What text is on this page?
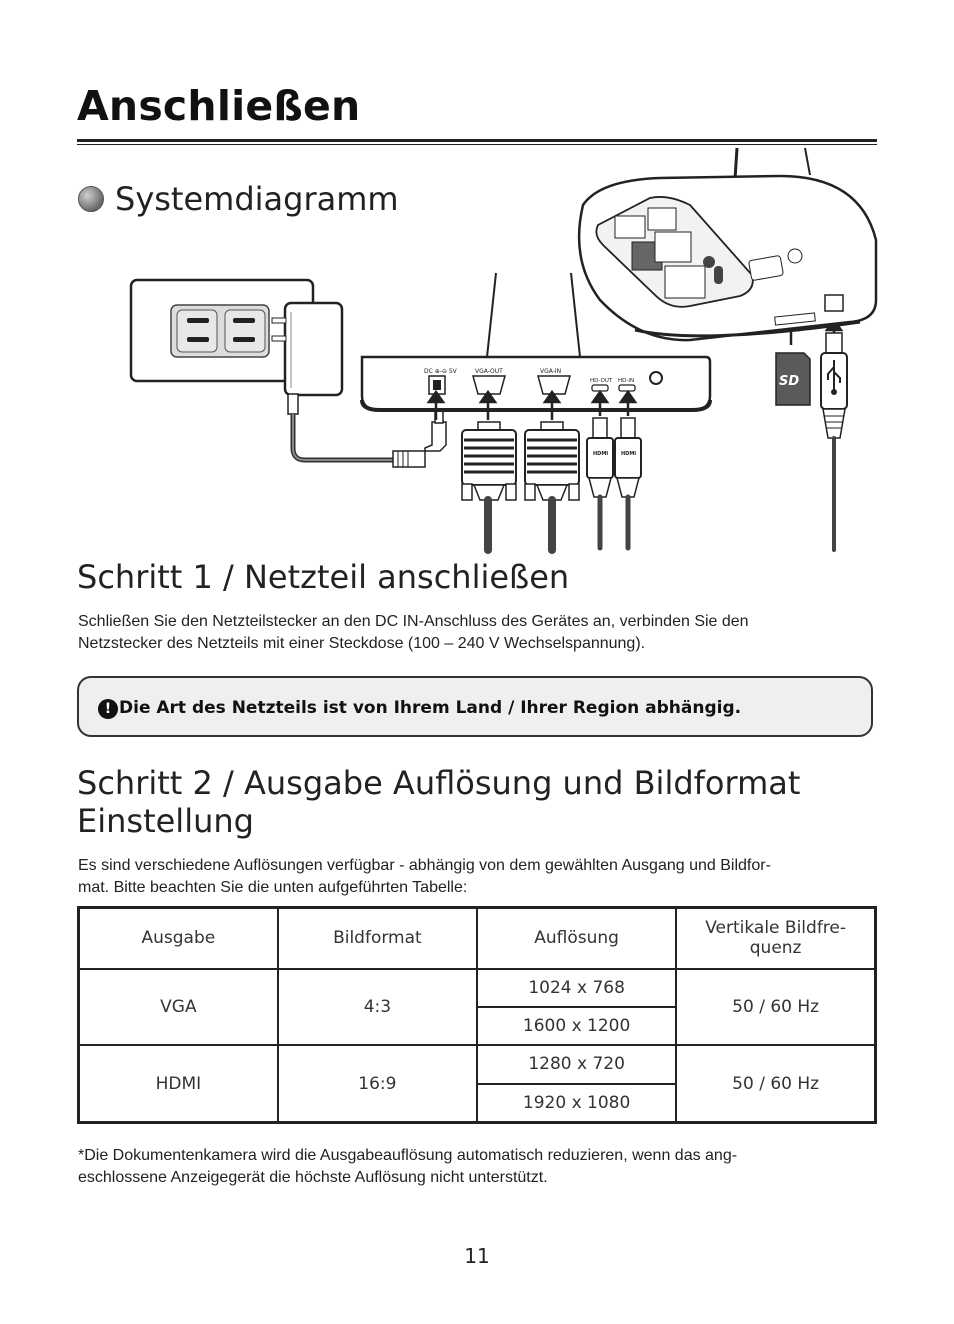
Anschließen
DC ⊕-⊖ 5V	VGA-OUT	VGA-IN
HD-OUT HD-IN
HDMI	HDMI
SD
Systemdiagramm
Schritt 1 / Netzteil anschließen
Schließen Sie den Netzteilstecker an den DC IN-Anschluss des Gerätes an, verbinden Sie den
Netzstecker des Netzteils mit einer Steckdose (100 – 240 V Wechselspannung).
! Die Art des Netzteils ist von Ihrem Land / Ihrer Region abhängig.
Schritt 2 / Ausgabe Auflösung und Bildformat
Einstellung
Es sind verschiedene Auflösungen verfügbar - abhängig von dem gewählten Ausgang und Bildfor-
mat. Bitte beachten Sie die unten aufgeführten Tabelle:
Ausgabe	Bildformat	Auflösung	Vertikale Bildfre-
quenz

VGA	4:3	1024 x 768	50 / 60 Hz
		1600 x 1200	
HDMI	16:9	1280 x 720	50 / 60 Hz
		1920 x 1080	
*Die Dokumentenkamera wird die Ausgabeauflösung automatisch reduzieren, wenn das ang-
eschlossene Anzeigegerät die höchste Auflösung nicht unterstützt.
11
